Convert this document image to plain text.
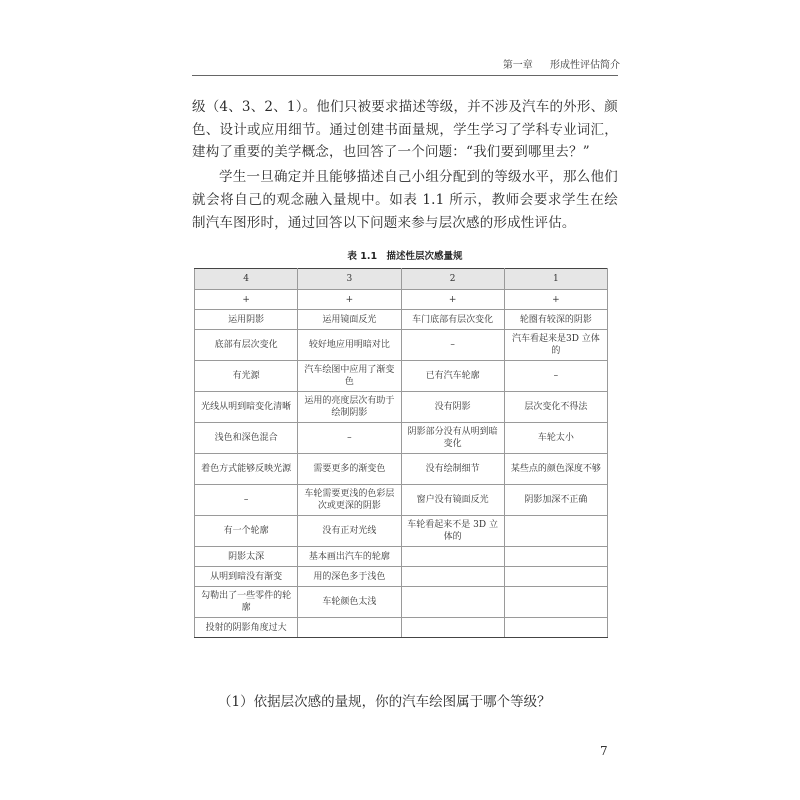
第一章 形成性评估简介

级（4、3、2、1）。他们只被要求描述等级，并不涉及汽车的外形、颜色、设计或应用细节。通过创建书面量规，学生学习了学科专业词汇，建构了重要的美学概念，也回答了一个问题：“我们要到哪里去？”

学生一旦确定并且能够描述自己小组分配到的等级水平，那么他们就会将自己的观念融入量规中。如表 1.1 所示，教师会要求学生在绘制汽车图形时，通过回答以下问题来参与层次感的形成性评估。

表 1.1　描述性层次感量规
4	3	2	1
+	+	+	+
运用阴影	运用镜面反光	车门底部有层次变化	轮圈有较深的阴影
底部有层次变化	较好地应用明暗对比	–	汽车看起来是3D 立体的
有光源	汽车绘图中应用了渐变色	已有汽车轮廓	–
光线从明到暗变化清晰	运用的亮度层次有助于绘制阴影	没有阴影	层次变化不得法
浅色和深色混合	–	阴影部分没有从明到暗变化	车轮太小
着色方式能够反映光源	需要更多的渐变色	没有绘制细节	某些点的颜色深度不够
–	车轮需要更浅的色彩层次或更深的阴影	窗户没有镜面反光	阴影加深不正确
有一个轮廓	没有正对光线	车轮看起来不是 3D 立体的	
阴影太深	基本画出汽车的轮廓		
从明到暗没有渐变	用的深色多于浅色		
勾勒出了一些零件的轮廓	车轮颜色太浅		
投射的阴影角度过大			
（1）依据层次感的量规，你的汽车绘图属于哪个等级？
7
